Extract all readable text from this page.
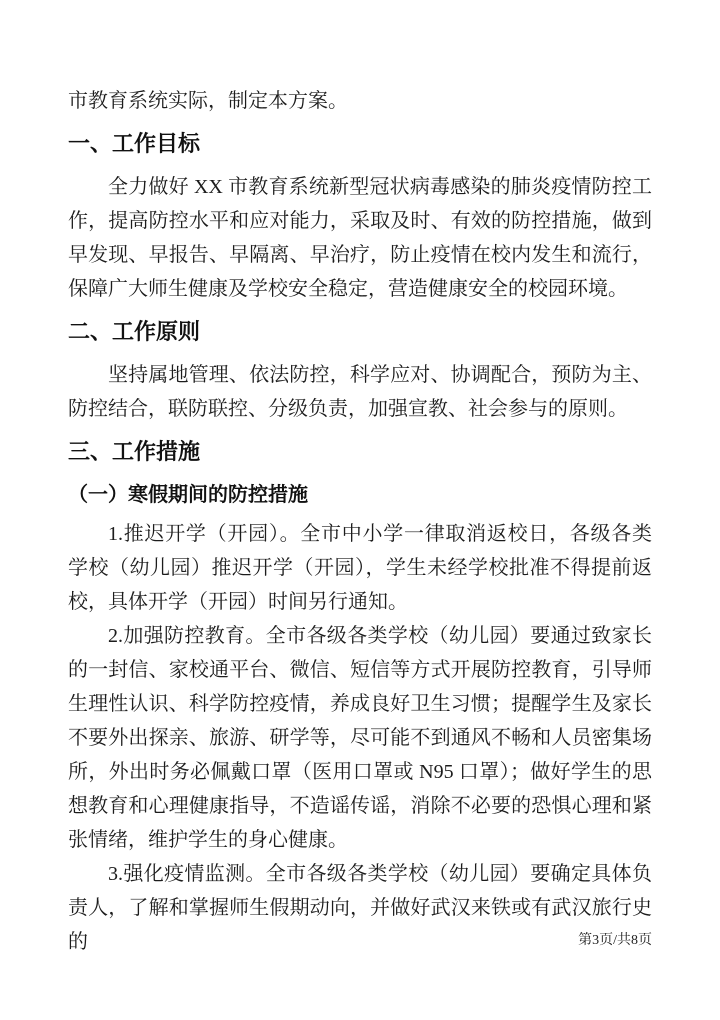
市教育系统实际，制定本方案。

一、工作目标

全力做好 XX 市教育系统新型冠状病毒感染的肺炎疫情防控工作，提高防控水平和应对能力，采取及时、有效的防控措施，做到早发现、早报告、早隔离、早治疗，防止疫情在校内发生和流行，保障广大师生健康及学校安全稳定，营造健康安全的校园环境。

二、工作原则

坚持属地管理、依法防控，科学应对、协调配合，预防为主、防控结合，联防联控、分级负责，加强宣教、社会参与的原则。

三、工作措施
（一）寒假期间的防控措施

1.推迟开学（开园）。全市中小学一律取消返校日，各级各类学校（幼儿园）推迟开学（开园），学生未经学校批准不得提前返校，具体开学（开园）时间另行通知。

2.加强防控教育。全市各级各类学校（幼儿园）要通过致家长的一封信、家校通平台、微信、短信等方式开展防控教育，引导师生理性认识、科学防控疫情，养成良好卫生习惯；提醒学生及家长不要外出探亲、旅游、研学等，尽可能不到通风不畅和人员密集场所，外出时务必佩戴口罩（医用口罩或 N95 口罩）；做好学生的思想教育和心理健康指导，不造谣传谣，消除不必要的恐惧心理和紧张情绪，维护学生的身心健康。

3.强化疫情监测。全市各级各类学校（幼儿园）要确定具体负责人，了解和掌握师生假期动向，并做好武汉来铁或有武汉旅行史的	第3页/共8页
